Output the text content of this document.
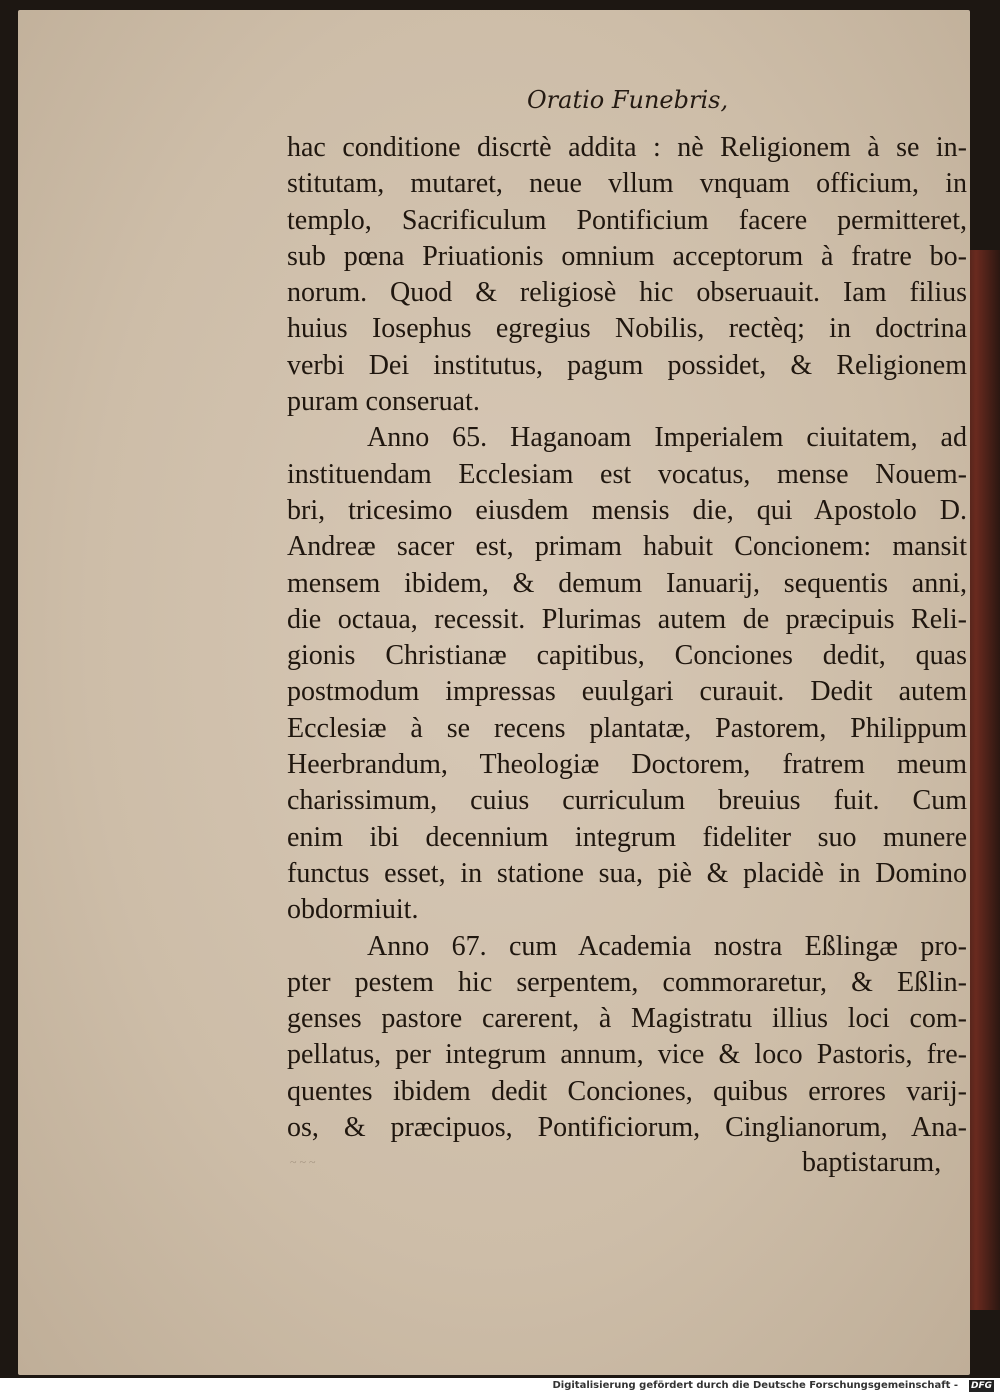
Oratio Funebris,
hac conditione discrtè addita : nè Religionem à se in-
stitutam, mutaret, neue vllum vnquam officium, in
templo, Sacrificulum Pontificium facere permitteret,
sub pœna Priuationis omnium acceptorum à fratre bo-
norum. Quod & religiosè hic obseruauit. Iam filius
huius Iosephus egregius Nobilis, rectèq; in doctrina
verbi Dei institutus, pagum possidet, & Religionem
puram conseruat.
Anno 65. Haganoam Imperialem ciuitatem, ad
instituendam Ecclesiam est vocatus, mense Nouem-
bri, tricesimo eiusdem mensis die, qui Apostolo D.
Andreæ sacer est, primam habuit Concionem: mansit
mensem ibidem, & demum Ianuarij, sequentis anni,
die octaua, recessit. Plurimas autem de præcipuis Reli-
gionis Christianæ capitibus, Conciones dedit, quas
postmodum impressas euulgari curauit. Dedit autem
Ecclesiæ à se recens plantatæ, Pastorem, Philippum
Heerbrandum, Theologiæ Doctorem, fratrem meum
charissimum, cuius curriculum breuius fuit. Cum
enim ibi decennium integrum fideliter suo munere
functus esset, in statione sua, piè & placidè in Domino
obdormiuit.
Anno 67. cum Academia nostra Eßlingæ pro-
pter pestem hic serpentem, commoraretur, & Eßlin-
genses pastore carerent, à Magistratu illius loci com-
pellatus, per integrum annum, vice & loco Pastoris, fre-
quentes ibidem dedit Conciones, quibus errores varij-
os, & præcipuos, Pontificiorum, Cinglianorum, Ana-
~ ~ ~	baptistarum,
Digitalisierung gefördert durch die Deutsche Forschungsgemeinschaft - DFG
